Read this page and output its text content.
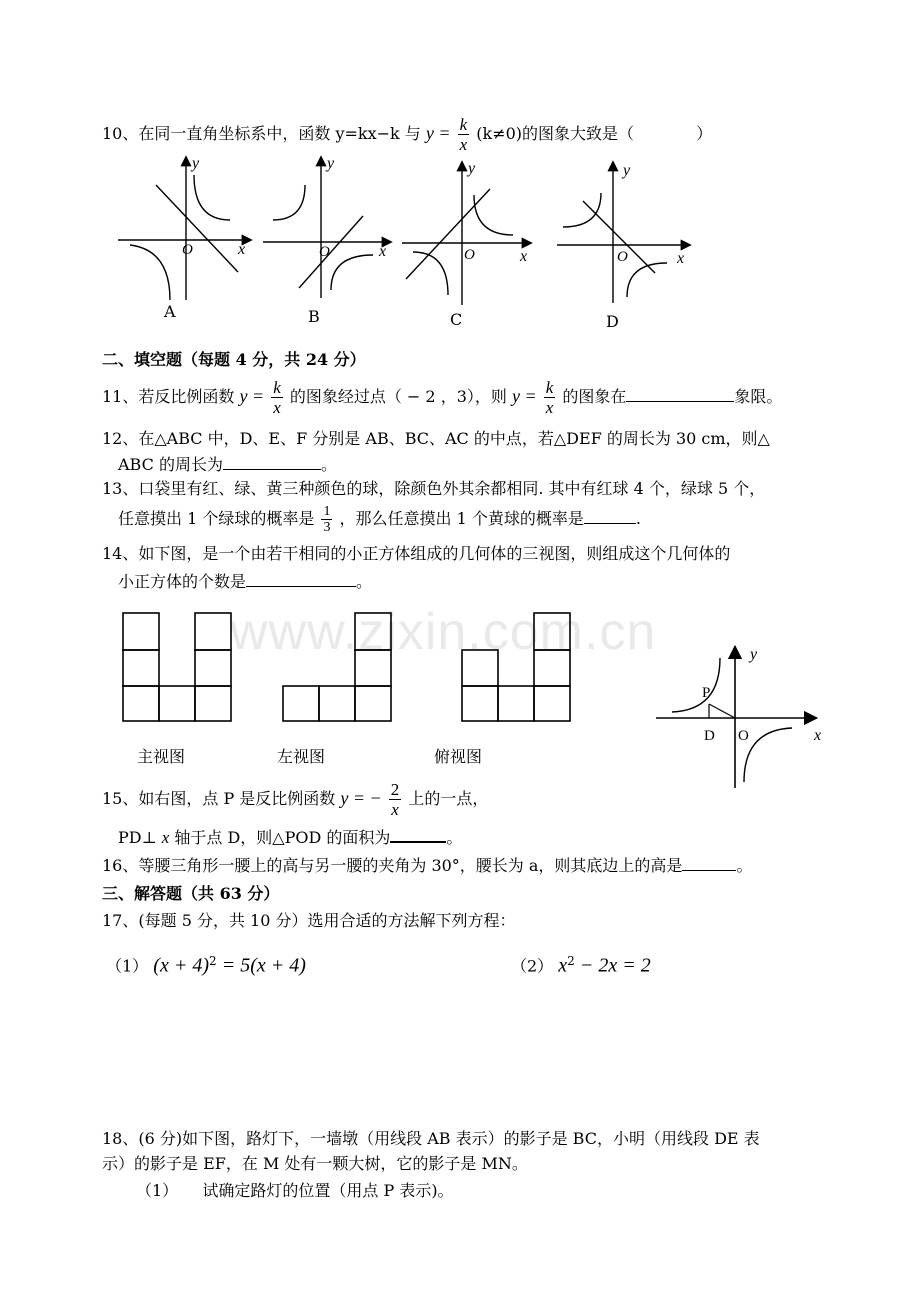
www.zixin.com.cn
10、在同一直角坐标系中，函数 y=kx−k 与 $y = \frac{k}{x} (k\ne 0)$的图象大致是（	）
O	x
y
A
O	x
y
B
O	x
y
C
O	x
y
D
二、填空题（每题 4 分，共 24 分）
11、若反比例函数 $y = \frac{k}{x}$ 的图象经过点（ − 2 ，3），则 $y = \frac{k}{x}$ 的图象在	象限。
12、在△ABC 中，D、E、F 分别是 AB、BC、AC 的中点，若△DEF 的周长为 30 cm，则△
ABC 的周长为	。
13、口袋里有红、绿、黄三种颜色的球，除颜色外其余都相同. 其中有红球 4 个，绿球 5 个，
任意摸出 1 个绿球的概率是 $\frac{1}{3}$ ，那么任意摸出 1 个黄球的概率是	.
14、如下图，是一个由若干相同的小正方体组成的几何体的三视图，则组成这个几何体的
小正方体的个数是	。
主视图	左视图	俯视图
y
P
D O	x
15、如右图，点 P 是反比例函数 y = − $\frac{2}{x}$ 上的一点，
PD⊥ x 轴于点 D，则△POD 的面积为	。
16、等腰三角形一腰上的高与另一腰的夹角为 30°，腰长为 a，则其底边上的高是	。
三、解答题（共 63 分）
17、(每题 5 分，共 10 分）选用合适的方法解下列方程：
（1） $(x + 4)^2 = 5(x + 4)$	（2） $x^2 - 2x = 2$
18、(6 分)如下图，路灯下，一墙墩（用线段 AB 表示）的影子是 BC，小明（用线段 DE 表
示）的影子是 EF，在 M 处有一颗大树，它的影子是 MN。
（1） 试确定路灯的位置（用点 P 表示)。
